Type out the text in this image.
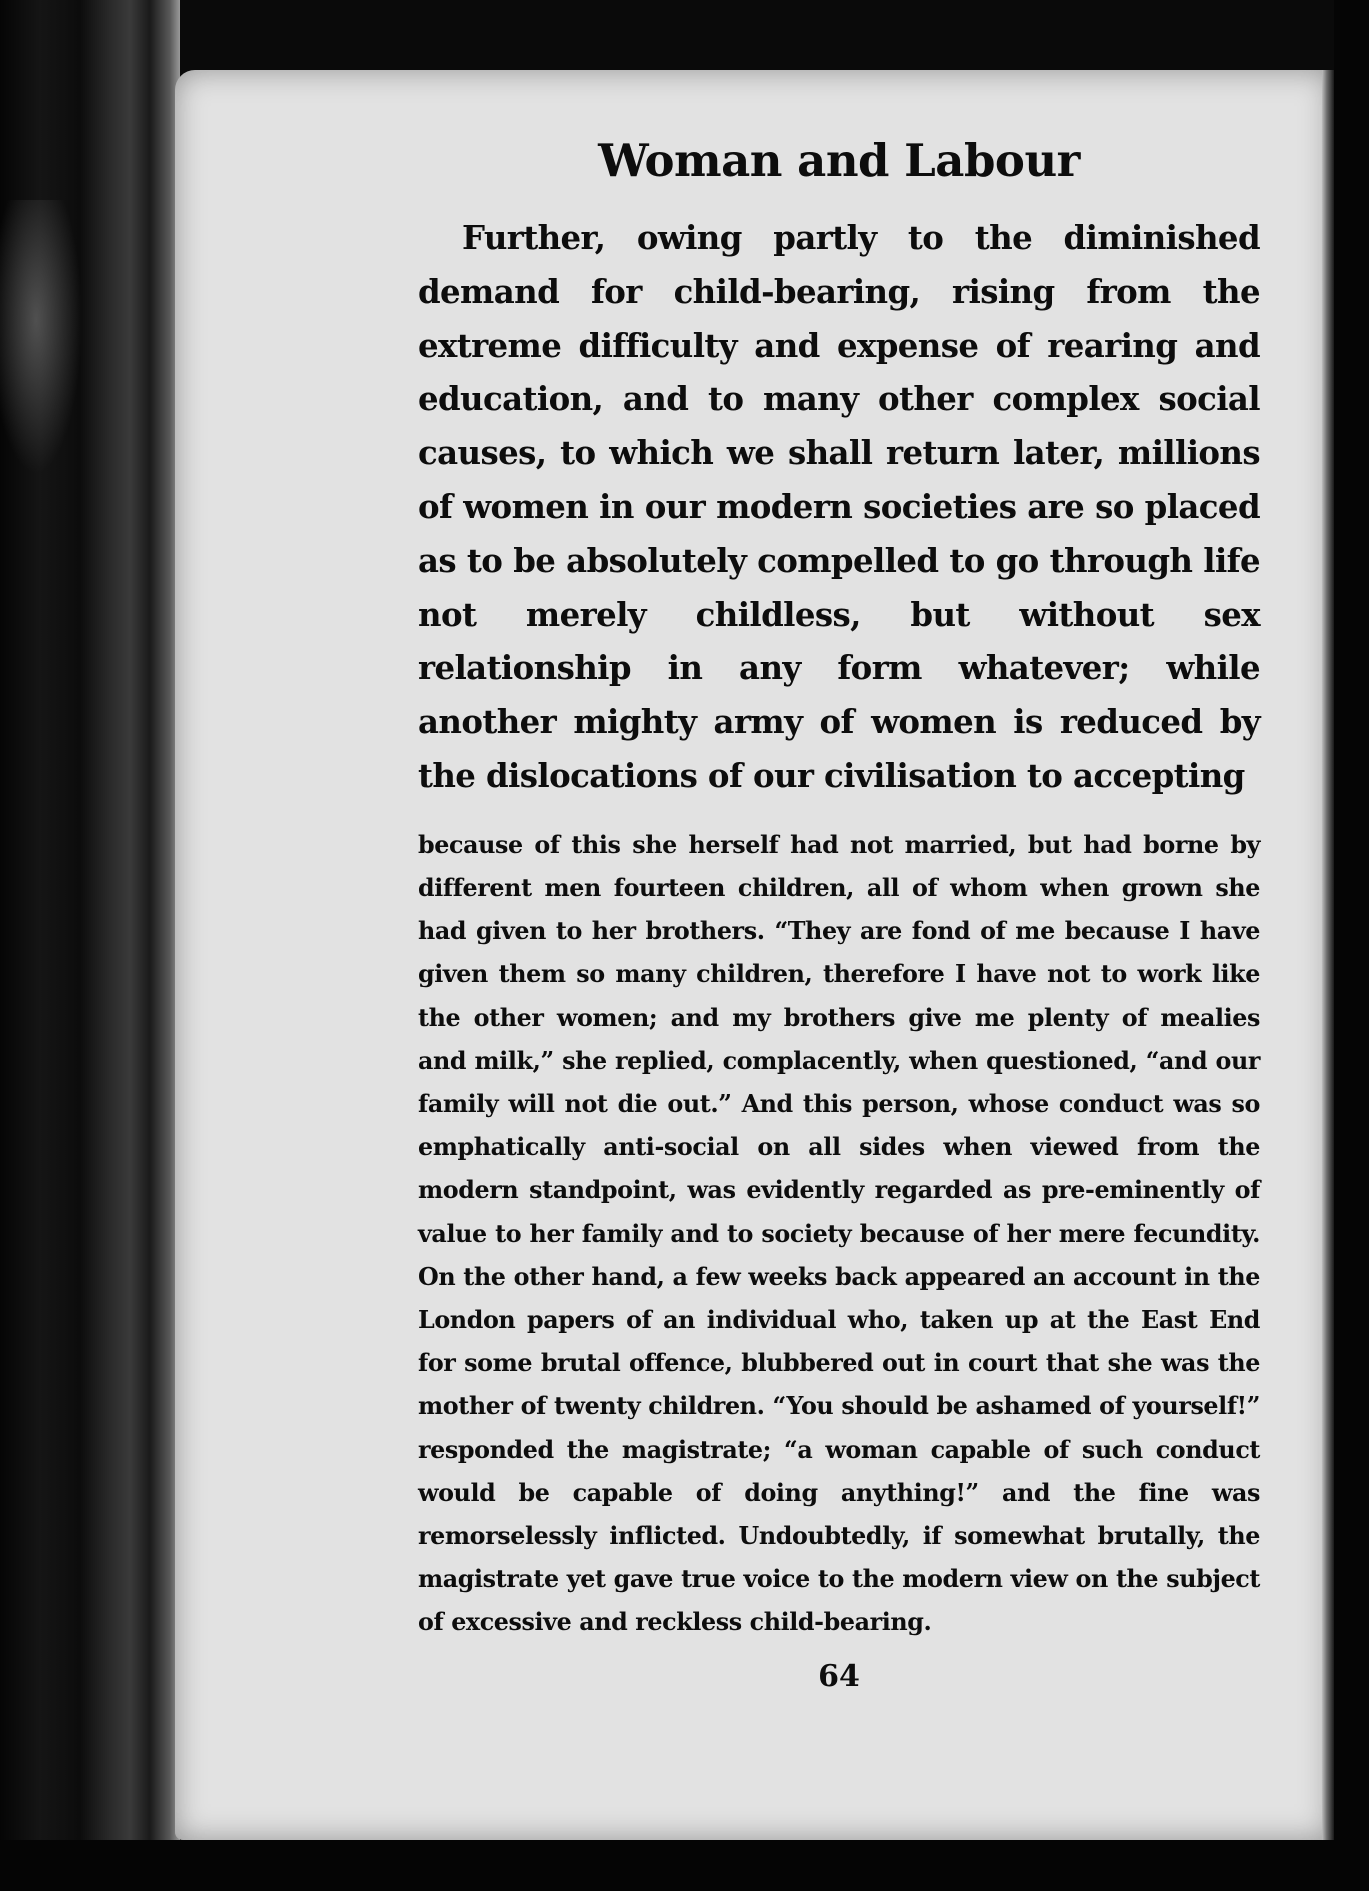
Woman and Labour

Further, owing partly to the diminished demand for child-bearing, rising from the extreme difficulty and expense of rearing and education, and to many other complex social causes, to which we shall return later, millions of women in our modern societies are so placed as to be absolutely compelled to go through life not merely childless, but without sex relationship in any form whatever; while another mighty army of women is reduced by the dislocations of our civilisation to accepting

because of this she herself had not married, but had borne by different men fourteen children, all of whom when grown she had given to her brothers. “They are fond of me because I have given them so many children, therefore I have not to work like the other women; and my brothers give me plenty of mealies and milk,” she replied, complacently, when questioned, “and our family will not die out.” And this person, whose conduct was so emphatically anti-social on all sides when viewed from the modern standpoint, was evidently regarded as pre-eminently of value to her family and to society because of her mere fecundity. On the other hand, a few weeks back appeared an account in the London papers of an individual who, taken up at the East End for some brutal offence, blubbered out in court that she was the mother of twenty children. “You should be ashamed of yourself!” responded the magistrate; “a woman capable of such conduct would be capable of doing anything!” and the fine was remorselessly inflicted. Undoubtedly, if somewhat brutally, the magistrate yet gave true voice to the modern view on the subject of excessive and reckless child-bearing.

64
